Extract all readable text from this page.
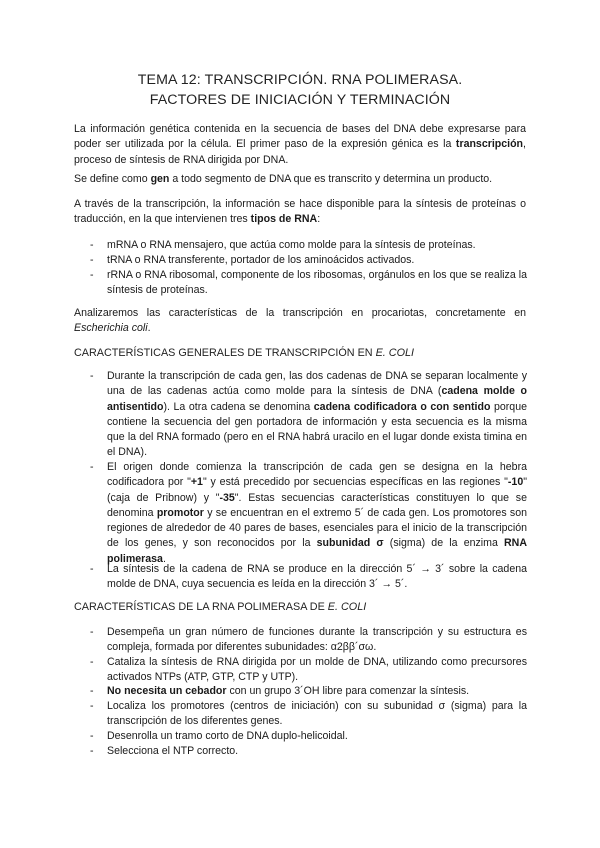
TEMA 12: TRANSCRIPCIÓN. RNA POLIMERASA.
FACTORES DE INICIACIÓN Y TERMINACIÓN
La información genética contenida en la secuencia de bases del DNA debe expresarse para poder ser utilizada por la célula. El primer paso de la expresión génica es la transcripción, proceso de síntesis de RNA dirigida por DNA.
Se define como gen a todo segmento de DNA que es transcrito y determina un producto.
A través de la transcripción, la información se hace disponible para la síntesis de proteínas o traducción, en la que intervienen tres tipos de RNA:
- mRNA o RNA mensajero, que actúa como molde para la síntesis de proteínas.
- tRNA o RNA transferente, portador de los aminoácidos activados.
- rRNA o RNA ribosomal, componente de los ribosomas, orgánulos en los que se realiza la síntesis de proteínas.
Analizaremos las características de la transcripción en procariotas, concretamente en Escherichia coli.
CARACTERÍSTICAS GENERALES DE TRANSCRIPCIÓN EN E. COLI
- Durante la transcripción de cada gen, las dos cadenas de DNA se separan localmente y una de las cadenas actúa como molde para la síntesis de DNA (cadena molde o antisentido). La otra cadena se denomina cadena codificadora o con sentido porque contiene la secuencia del gen portadora de información y esta secuencia es la misma que la del RNA formado (pero en el RNA habrá uracilo en el lugar donde exista timina en el DNA).
- El origen donde comienza la transcripción de cada gen se designa en la hebra codificadora por "+1" y está precedido por secuencias específicas en las regiones "-10" (caja de Pribnow) y "-35". Estas secuencias características constituyen lo que se denomina promotor y se encuentran en el extremo 5´ de cada gen. Los promotores son regiones de alrededor de 40 pares de bases, esenciales para el inicio de la transcripción de los genes, y son reconocidos por la subunidad σ (sigma) de la enzima RNA polimerasa.
- La síntesis de la cadena de RNA se produce en la dirección 5´ → 3´ sobre la cadena molde de DNA, cuya secuencia es leída en la dirección 3´ → 5´.
CARACTERÍSTICAS DE LA RNA POLIMERASA DE E. COLI
- Desempeña un gran número de funciones durante la transcripción y su estructura es compleja, formada por diferentes subunidades: α2ββ´σω.
- Cataliza la síntesis de RNA dirigida por un molde de DNA, utilizando como precursores activados NTPs (ATP, GTP, CTP y UTP).
- No necesita un cebador con un grupo 3´OH libre para comenzar la síntesis.
- Localiza los promotores (centros de iniciación) con su subunidad σ (sigma) para la transcripción de los diferentes genes.
- Desenrolla un tramo corto de DNA duplo-helicoidal.
- Selecciona el NTP correcto.
